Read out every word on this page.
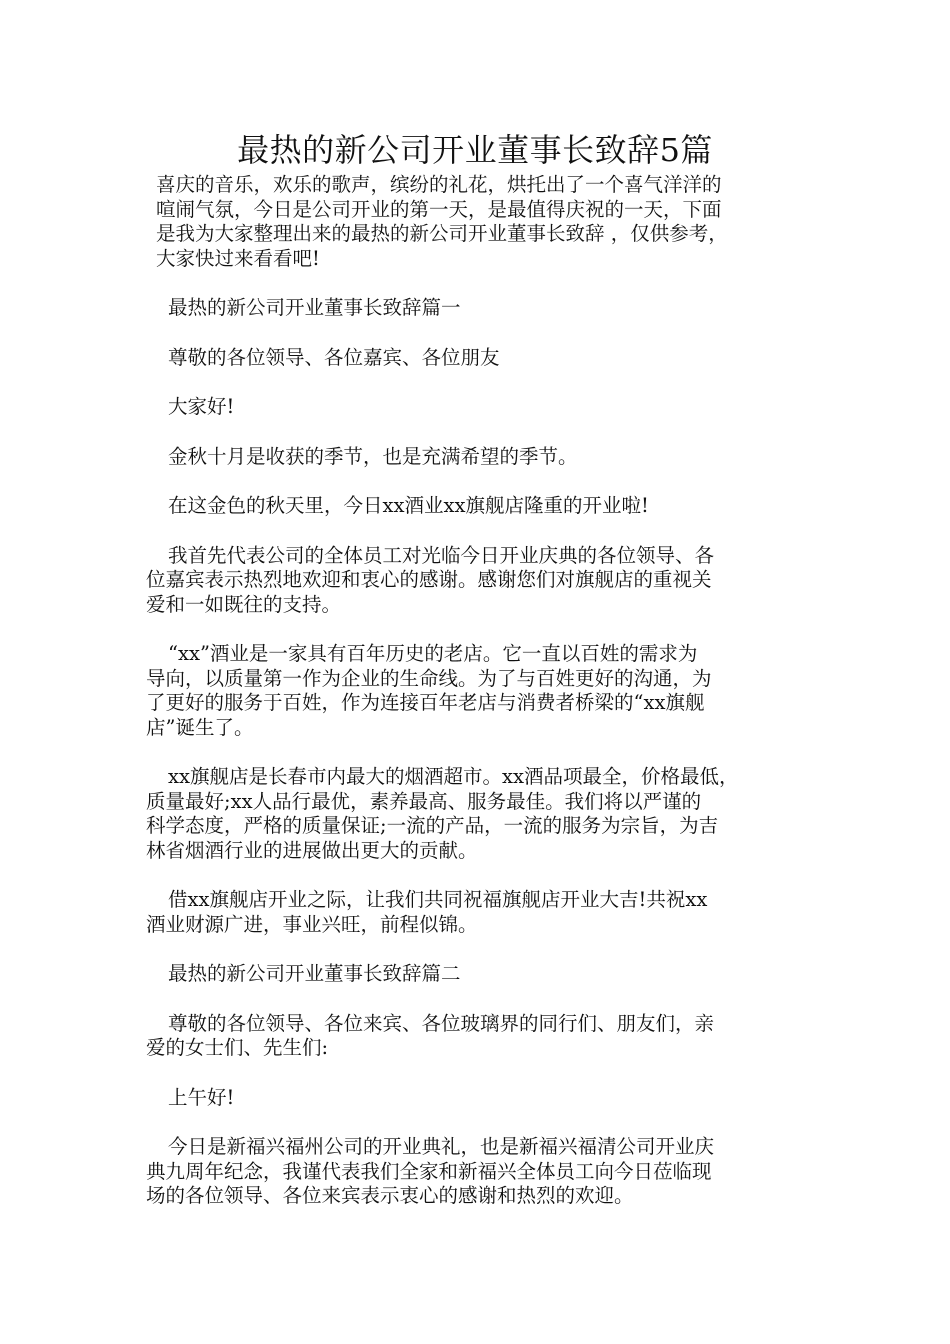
最热的新公司开业董事长致辞5篇

喜庆的音乐，欢乐的歌声，缤纷的礼花，烘托出了一个喜气洋洋的
喧闹气氛，今日是公司开业的第一天，是最值得庆祝的一天，下面
是我为大家整理出来的最热的新公司开业董事长致辞 ，仅供参考，
大家快过来看看吧!

最热的新公司开业董事长致辞篇一

尊敬的各位领导、各位嘉宾、各位朋友

大家好!

金秋十月是收获的季节，也是充满希望的季节。

在这金色的秋天里，今日xx酒业xx旗舰店隆重的开业啦!

我首先代表公司的全体员工对光临今日开业庆典的各位领导、各
位嘉宾表示热烈地欢迎和衷心的感谢。感谢您们对旗舰店的重视关
爱和一如既往的支持。

“xx”酒业是一家具有百年历史的老店。它一直以百姓的需求为
导向，以质量第一作为企业的生命线。为了与百姓更好的沟通，为
了更好的服务于百姓，作为连接百年老店与消费者桥梁的“xx旗舰
店”诞生了。

xx旗舰店是长春市内最大的烟酒超市。xx酒品项最全，价格最低，
质量最好;xx人品行最优，素养最高、服务最佳。我们将以严谨的
科学态度，严格的质量保证;一流的产品，一流的服务为宗旨，为吉
林省烟酒行业的进展做出更大的贡献。

借xx旗舰店开业之际，让我们共同祝福旗舰店开业大吉!共祝xx
酒业财源广进，事业兴旺，前程似锦。

最热的新公司开业董事长致辞篇二

尊敬的各位领导、各位来宾、各位玻璃界的同行们、朋友们，亲
爱的女士们、先生们:

上午好!

今日是新福兴福州公司的开业典礼，也是新福兴福清公司开业庆
典九周年纪念，我谨代表我们全家和新福兴全体员工向今日莅临现
场的各位领导、各位来宾表示衷心的感谢和热烈的欢迎。
